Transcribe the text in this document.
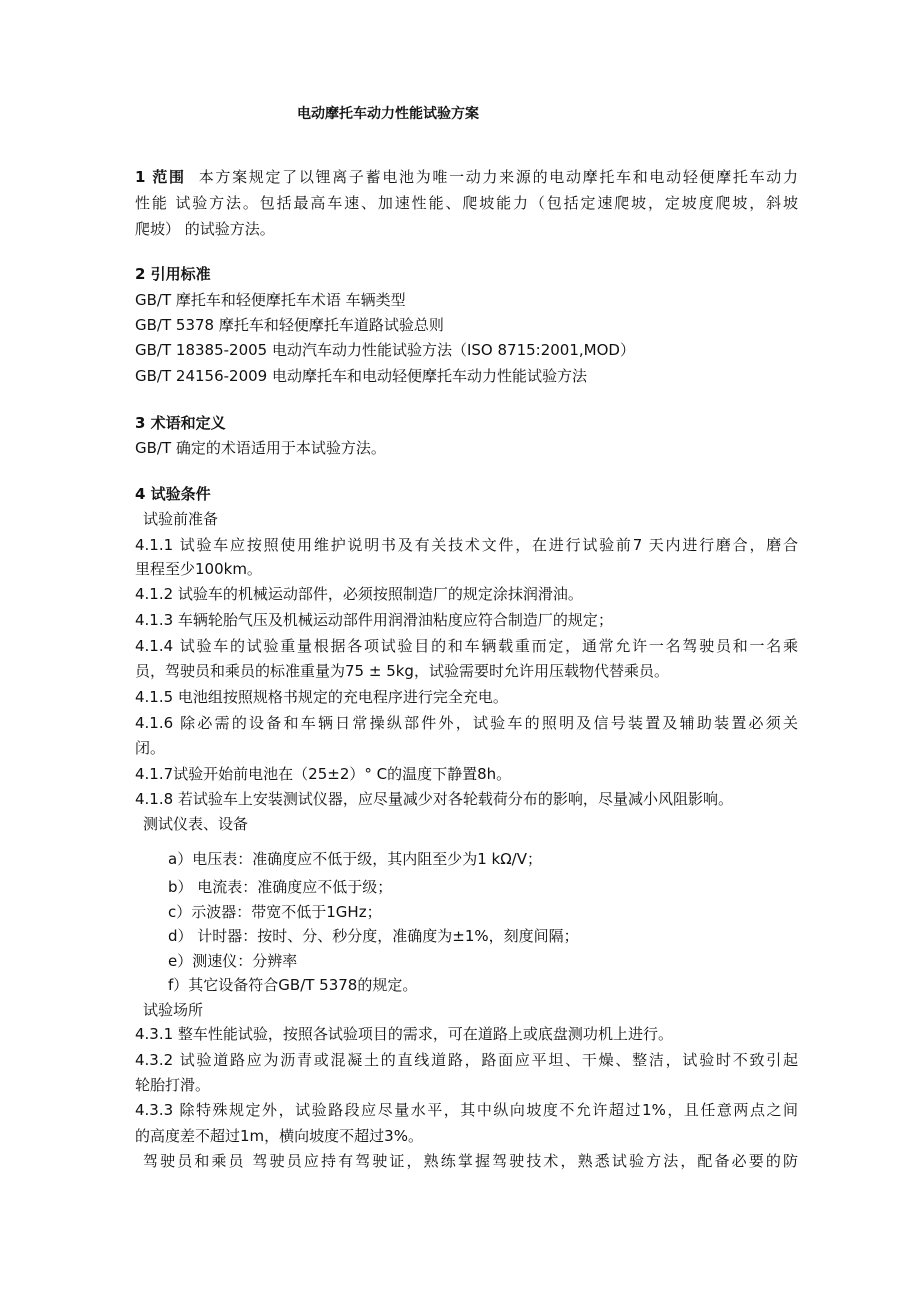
电动摩托车动力性能试验方案
1 范围 本方案规定了以锂离子蓄电池为唯一动力来源的电动摩托车和电动轻便摩托车动力
性能 试验方法。包括最高车速、加速性能、爬坡能力（包括定速爬坡，定坡度爬坡，斜坡
爬坡） 的试验方法。
2 引用标准
GB/T 摩托车和轻便摩托车术语 车辆类型
GB/T 5378 摩托车和轻便摩托车道路试验总则
GB/T 18385-2005 电动汽车动力性能试验方法（ISO 8715:2001,MOD）
GB/T 24156-2009 电动摩托车和电动轻便摩托车动力性能试验方法
3 术语和定义
GB/T 确定的术语适用于本试验方法。
4 试验条件
试验前准备
4.1.1 试验车应按照使用维护说明书及有关技术文件，在进行试验前7 天内进行磨合，磨合
里程至少100km。
4.1.2 试验车的机械运动部件，必须按照制造厂的规定涂抹润滑油。
4.1.3 车辆轮胎气压及机械运动部件用润滑油粘度应符合制造厂的规定；
4.1.4 试验车的试验重量根据各项试验目的和车辆载重而定，通常允许一名驾驶员和一名乘
员，驾驶员和乘员的标准重量为75 ± 5kg，试验需要时允许用压载物代替乘员。
4.1.5 电池组按照规格书规定的充电程序进行完全充电。
4.1.6 除必需的设备和车辆日常操纵部件外，试验车的照明及信号装置及辅助装置必须关
闭。
4.1.7试验开始前电池在（25±2）° C的温度下静置8h。
4.1.8 若试验车上安装测试仪器，应尽量减少对各轮载荷分布的影响，尽量减小风阻影响。
测试仪表、设备
a）电压表：准确度应不低于级，其内阻至少为1 kΩ/V；
b） 电流表：准确度应不低于级；
c）示波器：带宽不低于1GHz；
d） 计时器：按时、分、秒分度，准确度为±1%，刻度间隔；
e）测速仪：分辨率
f）其它设备符合GB/T 5378的规定。
试验场所
4.3.1 整车性能试验，按照各试验项目的需求，可在道路上或底盘测功机上进行。
4.3.2 试验道路应为沥青或混凝土的直线道路，路面应平坦、干燥、整洁，试验时不致引起
轮胎打滑。
4.3.3 除特殊规定外，试验路段应尽量水平，其中纵向坡度不允许超过1%，且任意两点之间
的高度差不超过1m，横向坡度不超过3%。
驾驶员和乘员 驾驶员应持有驾驶证，熟练掌握驾驶技术，熟悉试验方法，配备必要的防
